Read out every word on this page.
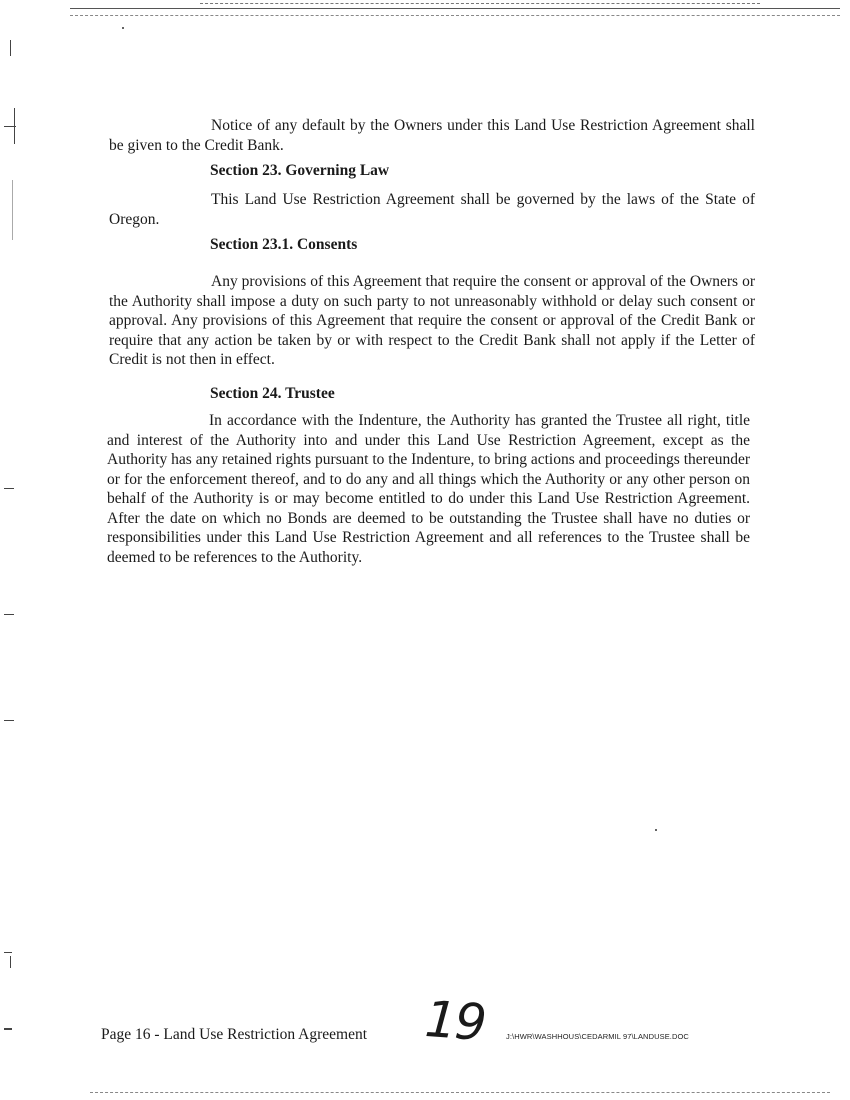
Notice of any default by the Owners under this Land Use Restriction Agreement shall be given to the Credit Bank.
Section 23. Governing Law
This Land Use Restriction Agreement shall be governed by the laws of the State of Oregon.
Section 23.1. Consents
Any provisions of this Agreement that require the consent or approval of the Owners or the Authority shall impose a duty on such party to not unreasonably withhold or delay such consent or approval. Any provisions of this Agreement that require the consent or approval of the Credit Bank or require that any action be taken by or with respect to the Credit Bank shall not apply if the Letter of Credit is not then in effect.
Section 24. Trustee
In accordance with the Indenture, the Authority has granted the Trustee all right, title and interest of the Authority into and under this Land Use Restriction Agreement, except as the Authority has any retained rights pursuant to the Indenture, to bring actions and proceedings thereunder or for the enforcement thereof, and to do any and all things which the Authority or any other person on behalf of the Authority is or may become entitled to do under this Land Use Restriction Agreement. After the date on which no Bonds are deemed to be outstanding the Trustee shall have no duties or responsibilities under this Land Use Restriction Agreement and all references to the Trustee shall be deemed to be references to the Authority.
Page 16 - Land Use Restriction Agreement 19	J:\HWR\WASHHOUS\CEDARMIL 97\LANDUSE.DOC
